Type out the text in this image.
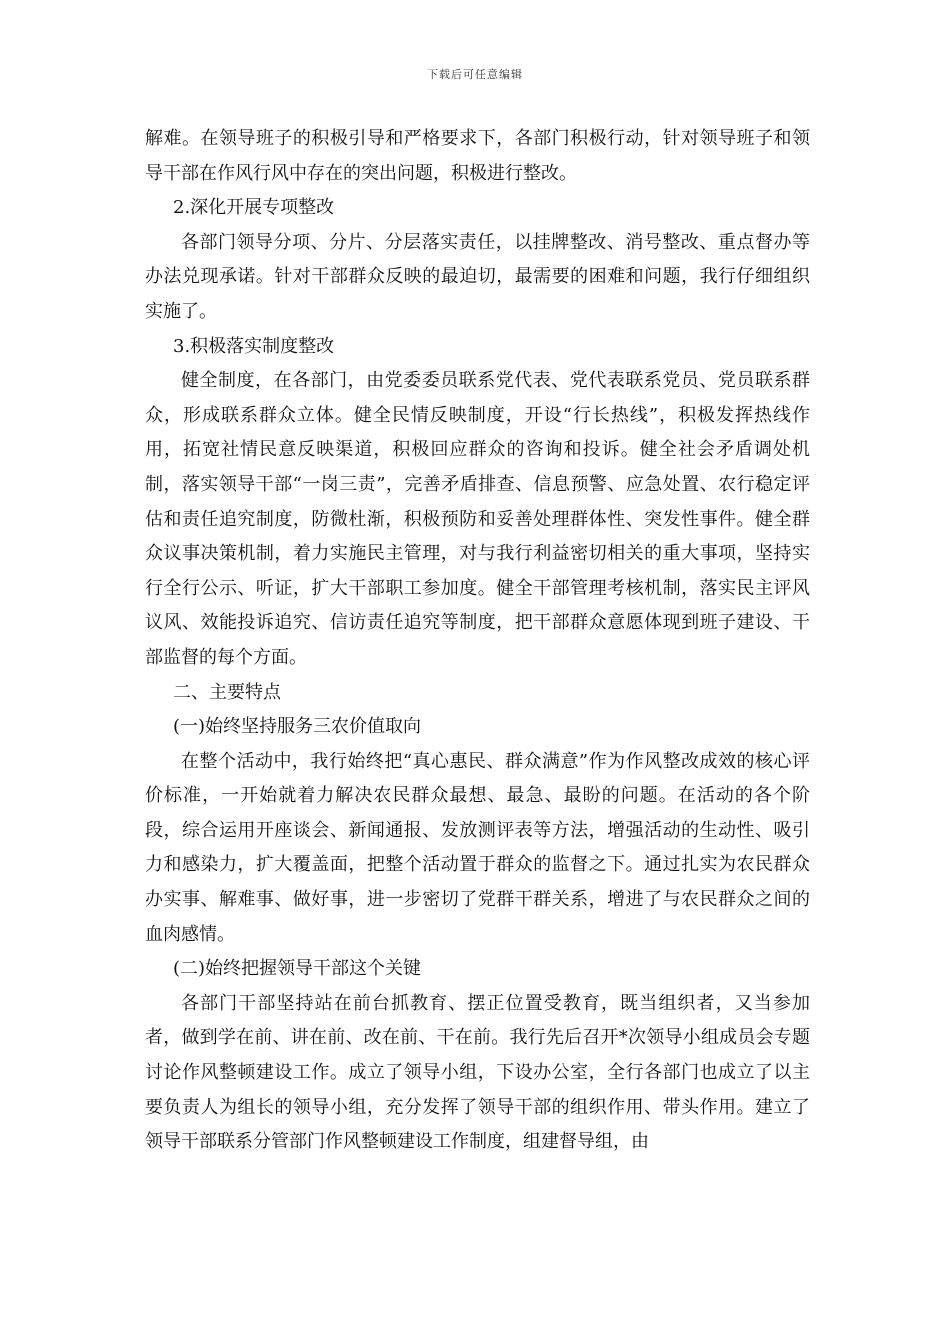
下载后可任意编辑

解难。在领导班子的积极引导和严格要求下，各部门积极行动，针对领导班子和领导干部在作风行风中存在的突出问题，积极进行整改。

2.深化开展专项整改

各部门领导分项、分片、分层落实责任，以挂牌整改、消号整改、重点督办等办法兑现承诺。针对干部群众反映的最迫切，最需要的困难和问题，我行仔细组织实施了。

3.积极落实制度整改

健全制度，在各部门，由党委委员联系党代表、党代表联系党员、党员联系群众，形成联系群众立体。健全民情反映制度，开设“行长热线”，积极发挥热线作用，拓宽社情民意反映渠道，积极回应群众的咨询和投诉。健全社会矛盾调处机制，落实领导干部“一岗三责”，完善矛盾排查、信息预警、应急处置、农行稳定评估和责任追究制度，防微杜渐，积极预防和妥善处理群体性、突发性事件。健全群众议事决策机制，着力实施民主管理，对与我行利益密切相关的重大事项，坚持实行全行公示、听证，扩大干部职工参加度。健全干部管理考核机制，落实民主评风议风、效能投诉追究、信访责任追究等制度，把干部群众意愿体现到班子建设、干部监督的每个方面。

二、主要特点

(一)始终坚持服务三农价值取向

在整个活动中，我行始终把“真心惠民、群众满意”作为作风整改成效的核心评价标准，一开始就着力解决农民群众最想、最急、最盼的问题。在活动的各个阶段，综合运用开座谈会、新闻通报、发放测评表等方法，增强活动的生动性、吸引力和感染力，扩大覆盖面，把整个活动置于群众的监督之下。通过扎实为农民群众办实事、解难事、做好事，进一步密切了党群干群关系，增进了与农民群众之间的血肉感情。

(二)始终把握领导干部这个关键

各部门干部坚持站在前台抓教育、摆正位置受教育，既当组织者，又当参加者，做到学在前、讲在前、改在前、干在前。我行先后召开*次领导小组成员会专题讨论作风整顿建设工作。成立了领导小组，下设办公室，全行各部门也成立了以主要负责人为组长的领导小组，充分发挥了领导干部的组织作用、带头作用。建立了领导干部联系分管部门作风整顿建设工作制度，组建督导组，由
